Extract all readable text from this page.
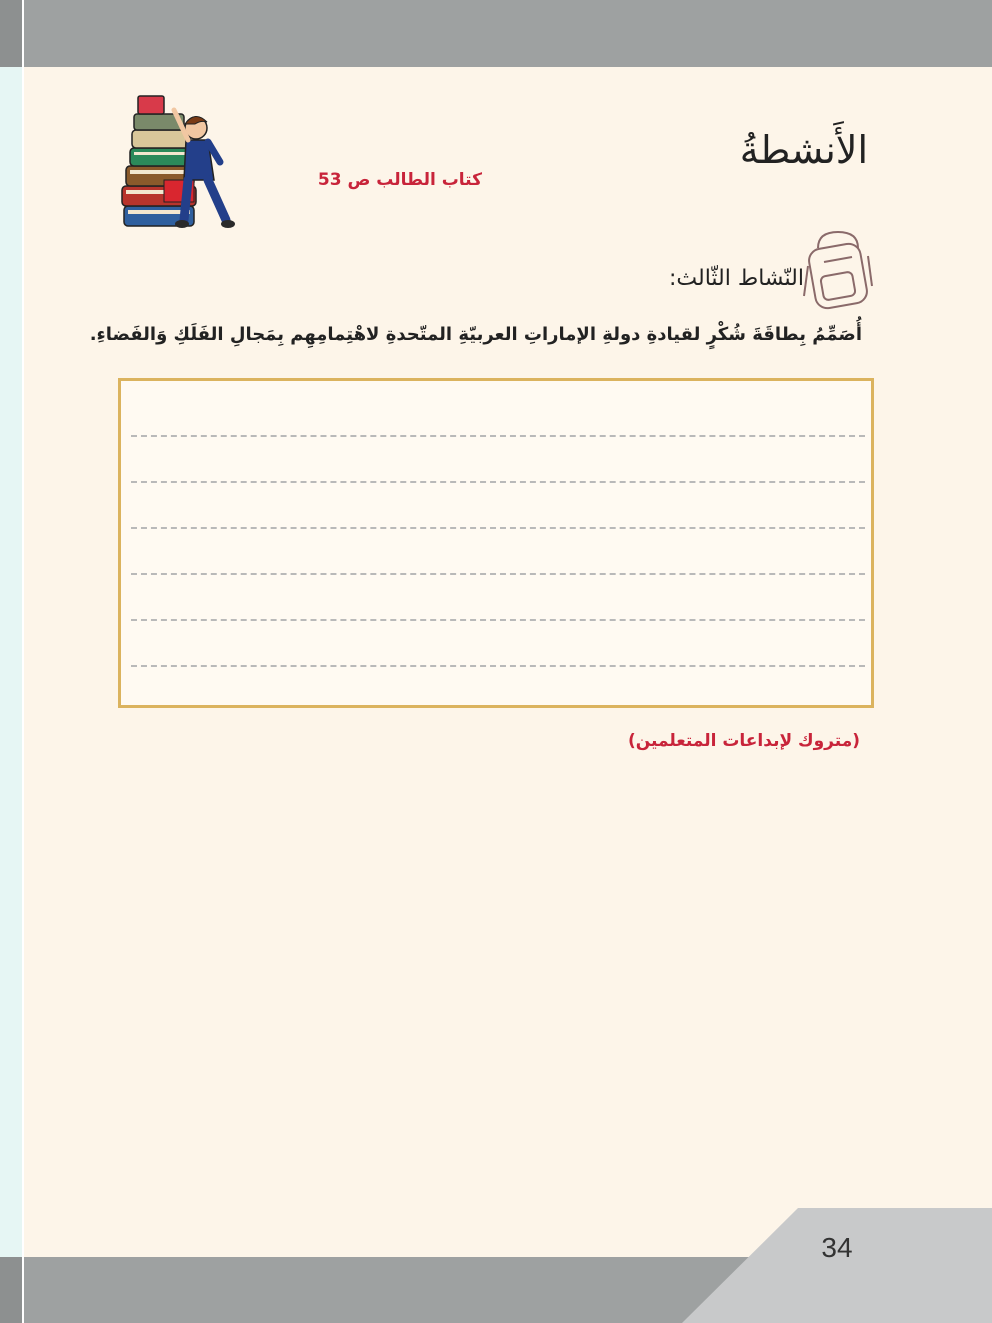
كتاب الطالب ص 53
الأَنشطةُ
النّشاط الثّالث:
أُصَمِّمُ بِطاقَةَ شُكْرٍ لقيادةِ دولةِ الإماراتِ العربيّةِ المتّحدةِ لاهْتِمامِهِم بِمَجالِ الفَلَكِ وَالفَضاءِ.
(متروك لإبداعات المتعلمين)
34
